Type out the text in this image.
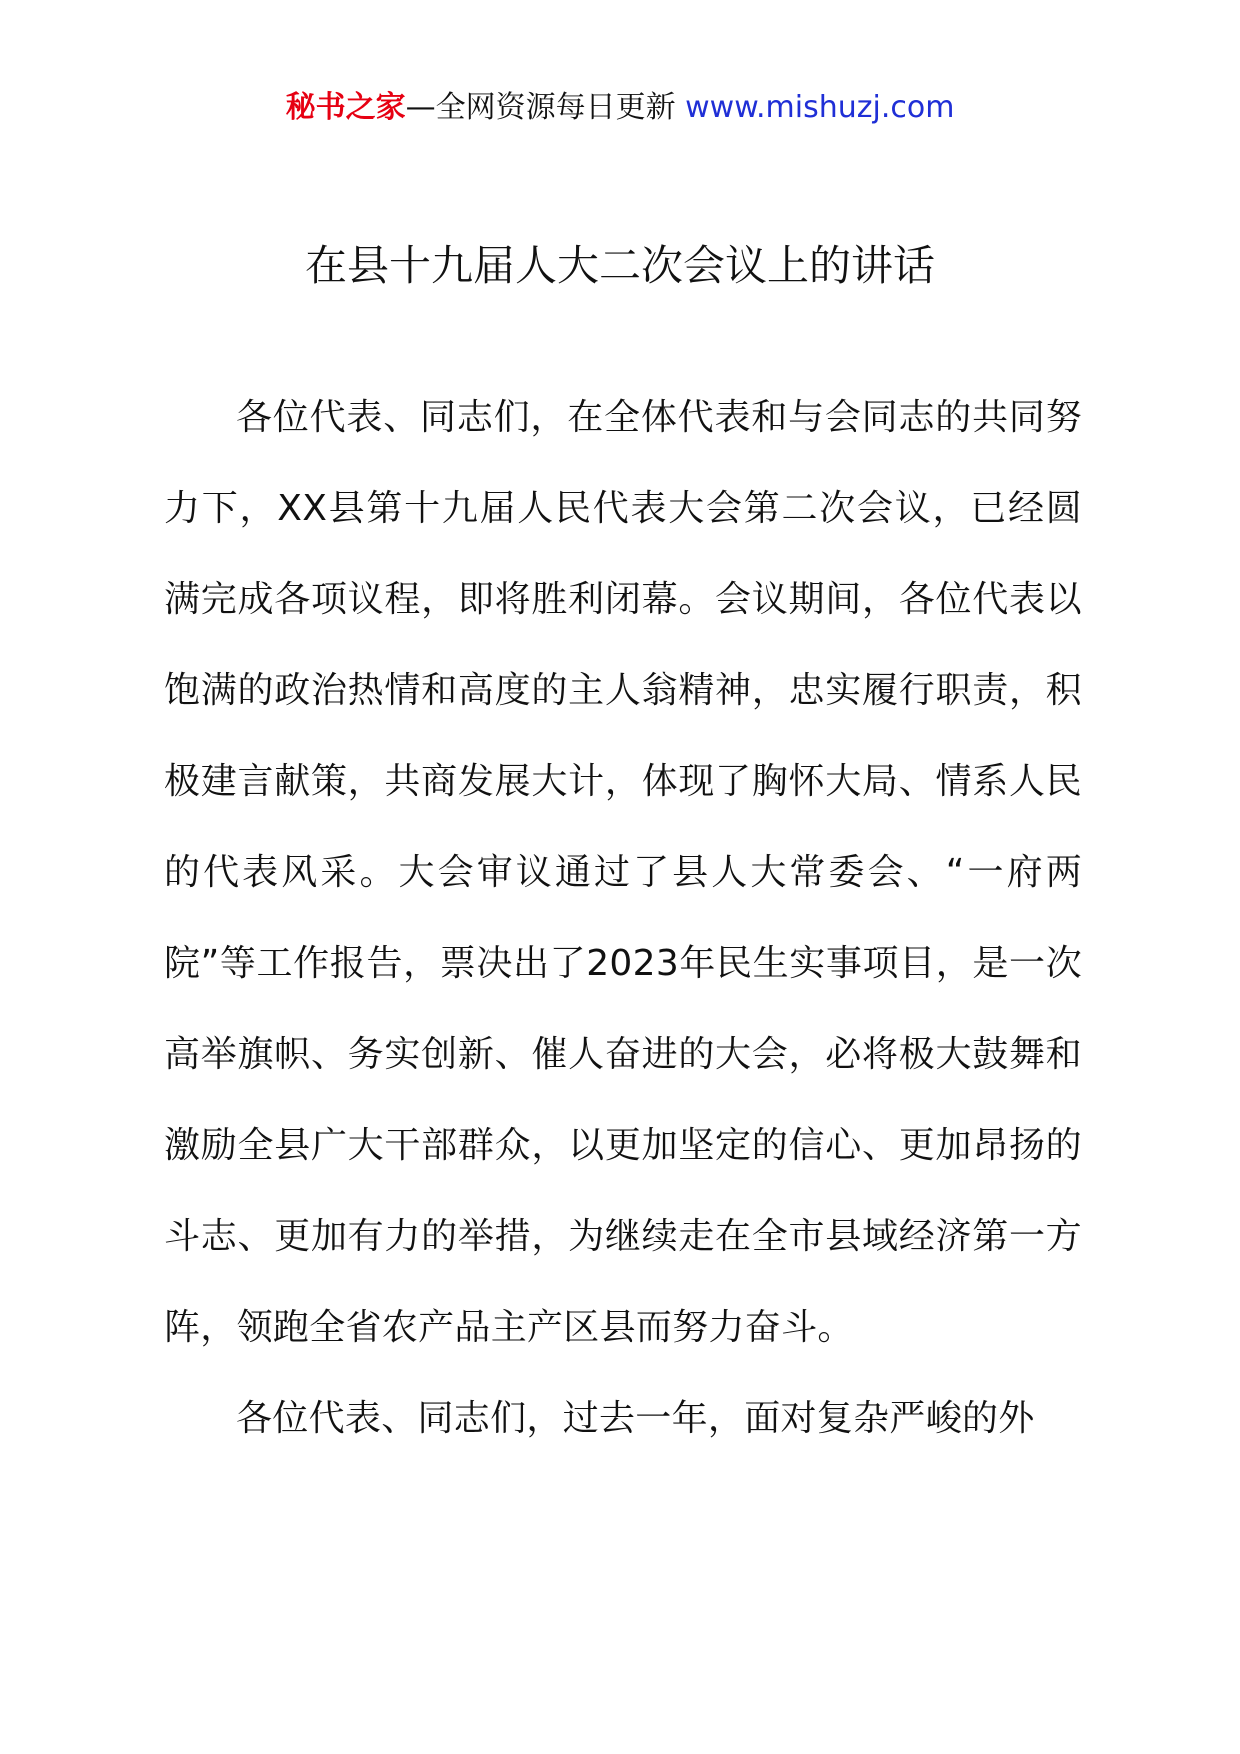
秘书之家—全网资源每日更新 www.mishuzj.com
在县十九届人大二次会议上的讲话

各位代表、同志们，在全体代表和与会同志的共同努力下，XX县第十九届人民代表大会第二次会议，已经圆满完成各项议程，即将胜利闭幕。会议期间，各位代表以饱满的政治热情和高度的主人翁精神，忠实履行职责，积极建言献策，共商发展大计，体现了胸怀大局、情系人民的代表风采。大会审议通过了县人大常委会、“一府两院”等工作报告，票决出了2023年民生实事项目，是一次高举旗帜、务实创新、催人奋进的大会，必将极大鼓舞和激励全县广大干部群众，以更加坚定的信心、更加昂扬的斗志、更加有力的举措，为继续走在全市县域经济第一方阵，领跑全省农产品主产区县而努力奋斗。

各位代表、同志们，过去一年，面对复杂严峻的外
